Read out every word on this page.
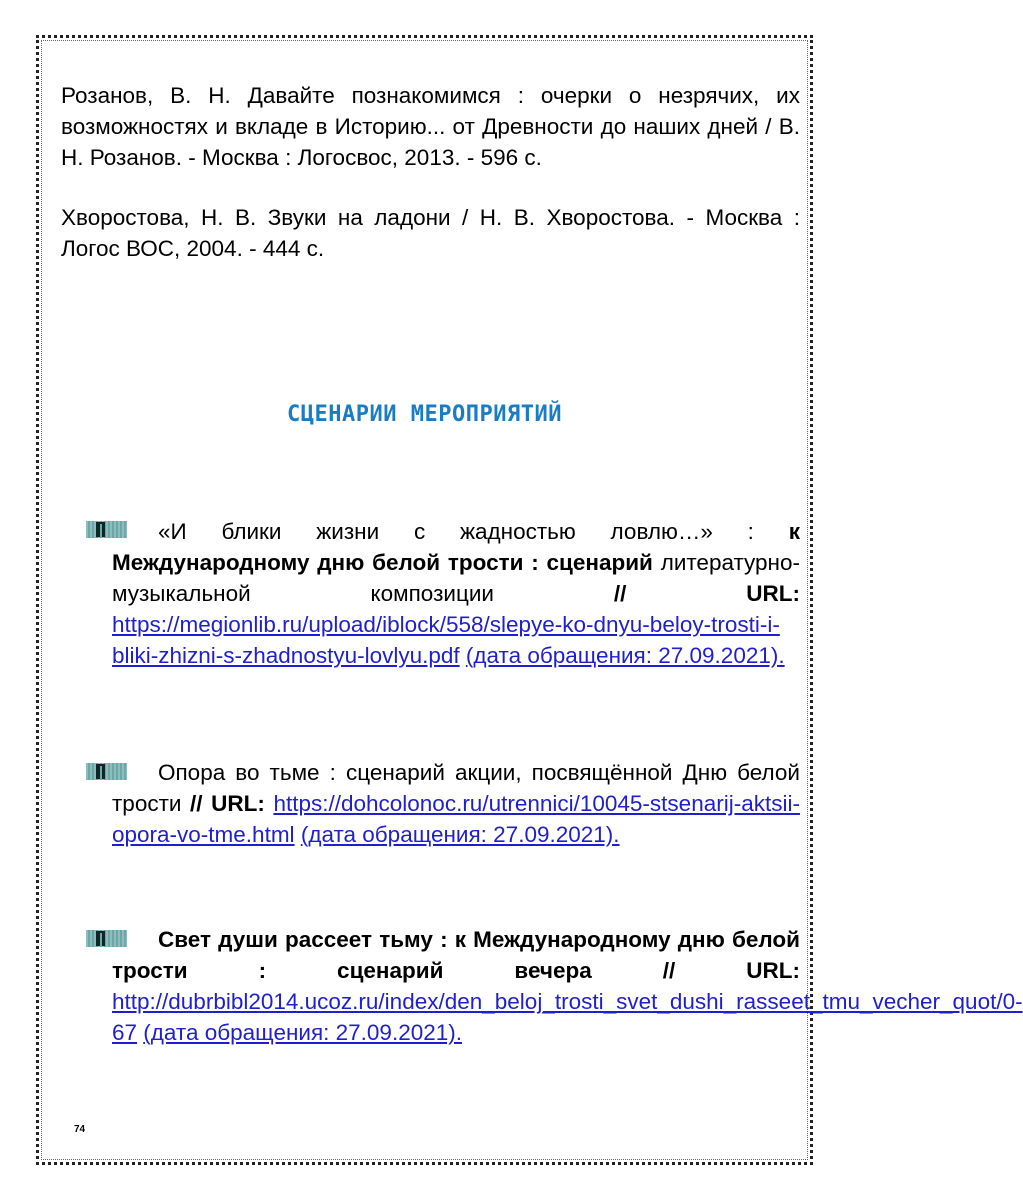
Розанов, В. Н. Давайте познакомимся : очерки о незрячих, их возможностях и вкладе в Историю... от Древности до наших дней / В. Н. Розанов. - Москва : Логосвос, 2013. - 596 с.

Хворостова, Н. В. Звуки на ладони / Н. В. Хворостова. - Москва : Логос ВОС, 2004. - 444 с.

СЦЕНАРИИ МЕРОПРИЯТИЙ

«И блики жизни с жадностью ловлю…» : к Международному дню белой трости : сценарий литературно-музыкальной композиции	// URL: https://megionlib.ru/upload/iblock/558/slepye-ko-dnyu-beloy-trosti-i-bliki-zhizni-s-zhadnostyu-lovlyu.pdf (дата обращения: 27.09.2021).

Опора во тьме : сценарий акции, посвящённой Дню белой трости // URL: https://dohcolonoc.ru/utrennici/10045-stsenarij-aktsii-opora-vo-tme.html (дата обращения: 27.09.2021).

Свет души рассеет тьму : к Международному дню белой трости : сценарий вечера	// URL: http://dubrbibl2014.ucoz.ru/index/den_beloj_trosti_svet_dushi_rasseet_tmu_vecher_quot/0-67 (дата обращения: 27.09.2021).

74
